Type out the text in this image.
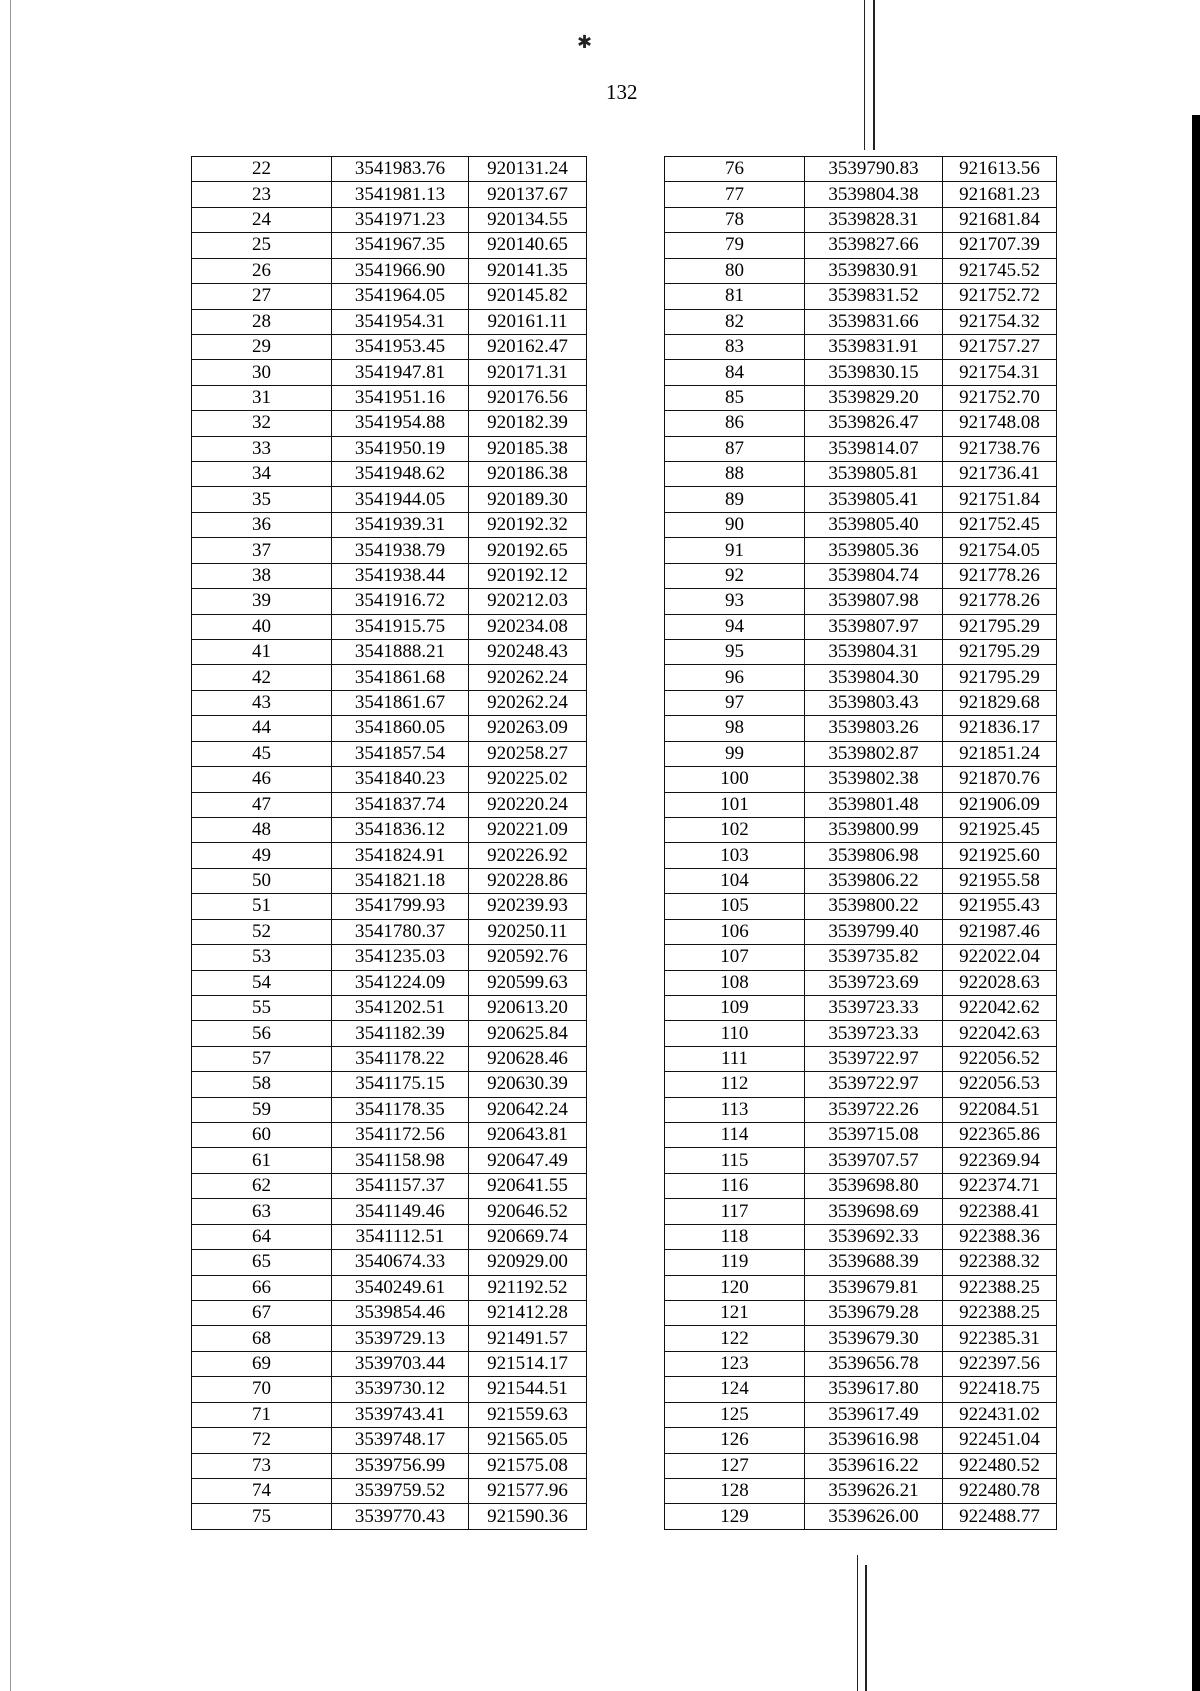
✱
132
22	3541983.76	920131.24
23	3541981.13	920137.67
24	3541971.23	920134.55
25	3541967.35	920140.65
26	3541966.90	920141.35
27	3541964.05	920145.82
28	3541954.31	920161.11
29	3541953.45	920162.47
30	3541947.81	920171.31
31	3541951.16	920176.56
32	3541954.88	920182.39
33	3541950.19	920185.38
34	3541948.62	920186.38
35	3541944.05	920189.30
36	3541939.31	920192.32
37	3541938.79	920192.65
38	3541938.44	920192.12
39	3541916.72	920212.03
40	3541915.75	920234.08
41	3541888.21	920248.43
42	3541861.68	920262.24
43	3541861.67	920262.24
44	3541860.05	920263.09
45	3541857.54	920258.27
46	3541840.23	920225.02
47	3541837.74	920220.24
48	3541836.12	920221.09
49	3541824.91	920226.92
50	3541821.18	920228.86
51	3541799.93	920239.93
52	3541780.37	920250.11
53	3541235.03	920592.76
54	3541224.09	920599.63
55	3541202.51	920613.20
56	3541182.39	920625.84
57	3541178.22	920628.46
58	3541175.15	920630.39
59	3541178.35	920642.24
60	3541172.56	920643.81
61	3541158.98	920647.49
62	3541157.37	920641.55
63	3541149.46	920646.52
64	3541112.51	920669.74
65	3540674.33	920929.00
66	3540249.61	921192.52
67	3539854.46	921412.28
68	3539729.13	921491.57
69	3539703.44	921514.17
70	3539730.12	921544.51
71	3539743.41	921559.63
72	3539748.17	921565.05
73	3539756.99	921575.08
74	3539759.52	921577.96
75	3539770.43	921590.36
76	3539790.83	921613.56
77	3539804.38	921681.23
78	3539828.31	921681.84
79	3539827.66	921707.39
80	3539830.91	921745.52
81	3539831.52	921752.72
82	3539831.66	921754.32
83	3539831.91	921757.27
84	3539830.15	921754.31
85	3539829.20	921752.70
86	3539826.47	921748.08
87	3539814.07	921738.76
88	3539805.81	921736.41
89	3539805.41	921751.84
90	3539805.40	921752.45
91	3539805.36	921754.05
92	3539804.74	921778.26
93	3539807.98	921778.26
94	3539807.97	921795.29
95	3539804.31	921795.29
96	3539804.30	921795.29
97	3539803.43	921829.68
98	3539803.26	921836.17
99	3539802.87	921851.24
100	3539802.38	921870.76
101	3539801.48	921906.09
102	3539800.99	921925.45
103	3539806.98	921925.60
104	3539806.22	921955.58
105	3539800.22	921955.43
106	3539799.40	921987.46
107	3539735.82	922022.04
108	3539723.69	922028.63
109	3539723.33	922042.62
110	3539723.33	922042.63
111	3539722.97	922056.52
112	3539722.97	922056.53
113	3539722.26	922084.51
114	3539715.08	922365.86
115	3539707.57	922369.94
116	3539698.80	922374.71
117	3539698.69	922388.41
118	3539692.33	922388.36
119	3539688.39	922388.32
120	3539679.81	922388.25
121	3539679.28	922388.25
122	3539679.30	922385.31
123	3539656.78	922397.56
124	3539617.80	922418.75
125	3539617.49	922431.02
126	3539616.98	922451.04
127	3539616.22	922480.52
128	3539626.21	922480.78
129	3539626.00	922488.77
